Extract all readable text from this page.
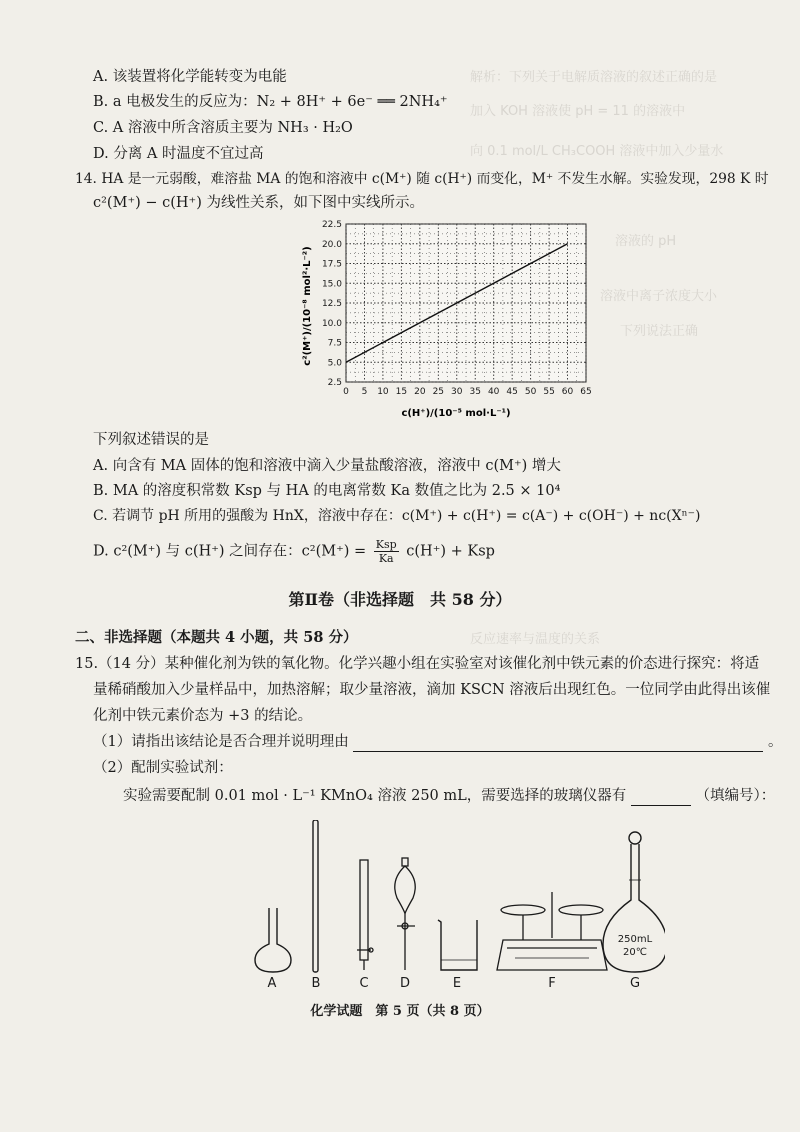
解析：下列关于电解质溶液的叙述正确的是
加入 KOH 溶液使 pH = 11 的溶液中
向 0.1 mol/L CH₃COOH 溶液中加入少量水
溶液的 pH
溶液中离子浓度大小
下列说法正确
反应速率与温度的关系
A. 该装置将化学能转变为电能
B. a 电极发生的反应为：N₂ + 8H⁺ + 6e⁻ ══ 2NH₄⁺
C. A 溶液中所含溶质主要为 NH₃ · H₂O
D. 分离 A 时温度不宜过高
14. HA 是一元弱酸，难溶盐 MA 的饱和溶液中 c(M⁺) 随 c(H⁺) 而变化，M⁺ 不发生水解。实验发现，298 K 时
c²(M⁺) − c(H⁺) 为线性关系，如下图中实线所示。
2.5
5.0
7.5
10.0
12.5
15.0
17.5
20.0
22.5
0 5 10 15 20 25 30 35 40 45 50 55 60 65
c(H⁺)/(10⁻⁵ mol·L⁻¹)
c²(M⁺)/(10⁻⁸ mol²·L⁻²)
下列叙述错误的是
A. 向含有 MA 固体的饱和溶液中滴入少量盐酸溶液，溶液中 c(M⁺) 增大
B. MA 的溶度积常数 Ksp 与 HA 的电离常数 Ka 数值之比为 2.5 × 10⁴
C. 若调节 pH 所用的强酸为 HnX，溶液中存在：c(M⁺) + c(H⁺) = c(A⁻) + c(OH⁻) + nc(Xⁿ⁻)
D. c²(M⁺) 与 c(H⁺) 之间存在：c²(M⁺) = Ksp
Ka c(H⁺) + Ksp
第Ⅱ卷（非选择题　共 58 分）
二、非选择题（本题共 4 小题，共 58 分）
15.（14 分）某种催化剂为铁的氧化物。化学兴趣小组在实验室对该催化剂中铁元素的价态进行探究：将适
量稀硝酸加入少量样品中，加热溶解；取少量溶液，滴加 KSCN 溶液后出现红色。一位同学由此得出该催
化剂中铁元素价态为 +3 的结论。
（1）请指出该结论是否合理并说明理由	。
（2）配制实验试剂：
实验需要配制 0.01 mol · L⁻¹ KMnO₄ 溶液 250 mL，需要选择的玻璃仪器有	（填编号）：
250mL
20℃
A	B	C	D	E	F	G
化学试题　第 5 页（共 8 页）
